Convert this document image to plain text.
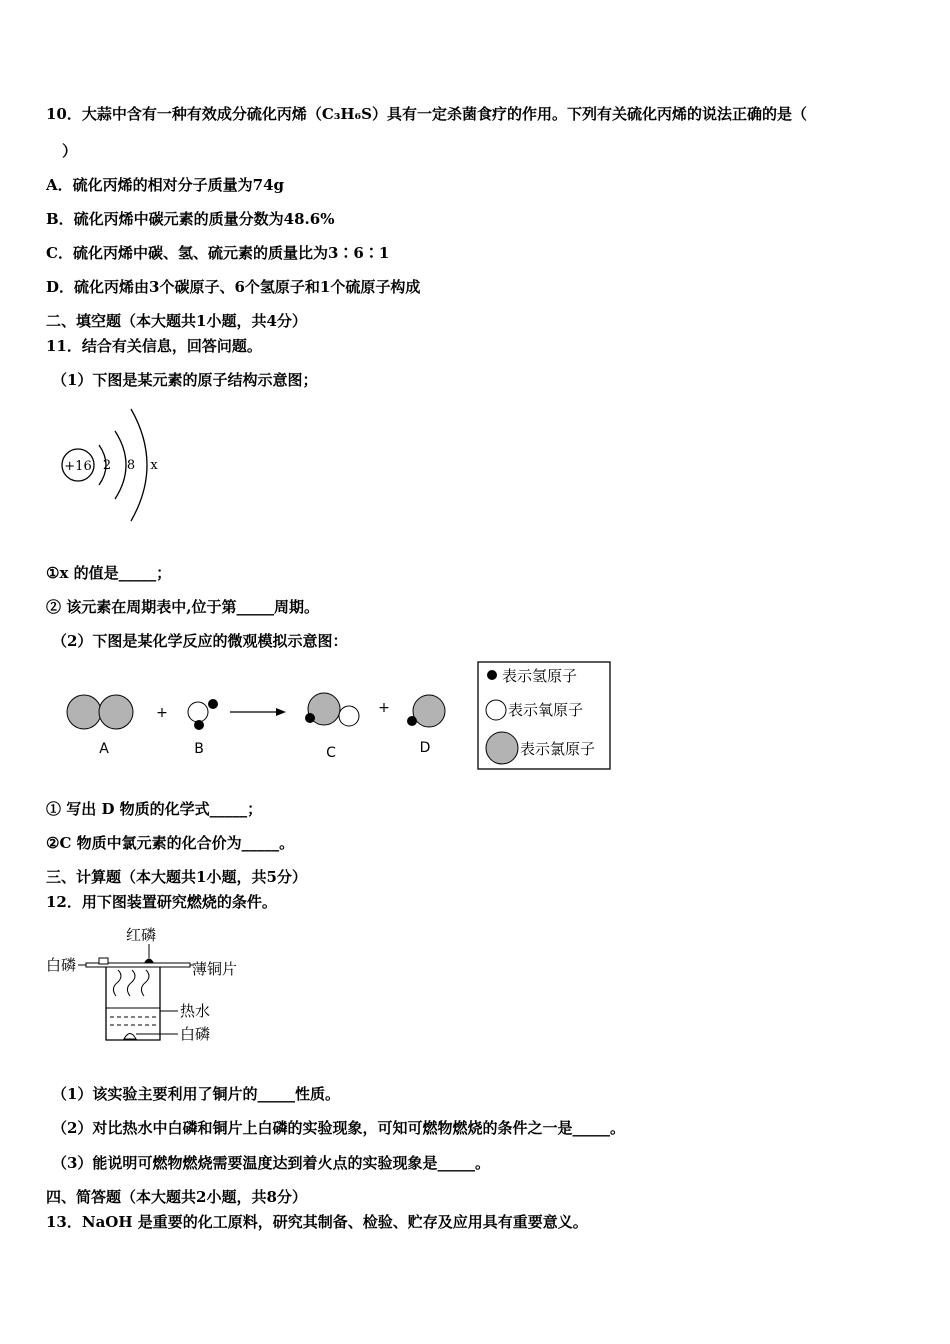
10．大蒜中含有一种有效成分硫化丙烯（C₃H₆S）具有一定杀菌食疗的作用。下列有关硫化丙烯的说法正确的是（
）
A．硫化丙烯的相对分子质量为74g
B．硫化丙烯中碳元素的质量分数为48.6%
C．硫化丙烯中碳、氢、硫元素的质量比为3∶6∶1
D．硫化丙烯由3个碳原子、6个氢原子和1个硫原子构成
二、填空题（本大题共1小题，共4分）
11．结合有关信息，回答问题。
（1）下图是某元素的原子结构示意图；
+16 2 8 x
①x 的值是_____；
② 该元素在周期表中,位于第_____周期。
（2）下图是某化学反应的微观模拟示意图：
A
+
B	C
+
D
表示氢原子
表示氧原子
表示氯原子
① 写出 D 物质的化学式_____；
②C 物质中氯元素的化合价为_____。
三、计算题（本大题共1小题，共5分）
12．用下图装置研究燃烧的条件。
红磷
白磷	薄铜片
热水
白磷
（1）该实验主要利用了铜片的_____性质。
（2）对比热水中白磷和铜片上白磷的实验现象，可知可燃物燃烧的条件之一是_____。
（3）能说明可燃物燃烧需要温度达到着火点的实验现象是_____。
四、简答题（本大题共2小题，共8分）
13．NaOH 是重要的化工原料，研究其制备、检验、贮存及应用具有重要意义。
